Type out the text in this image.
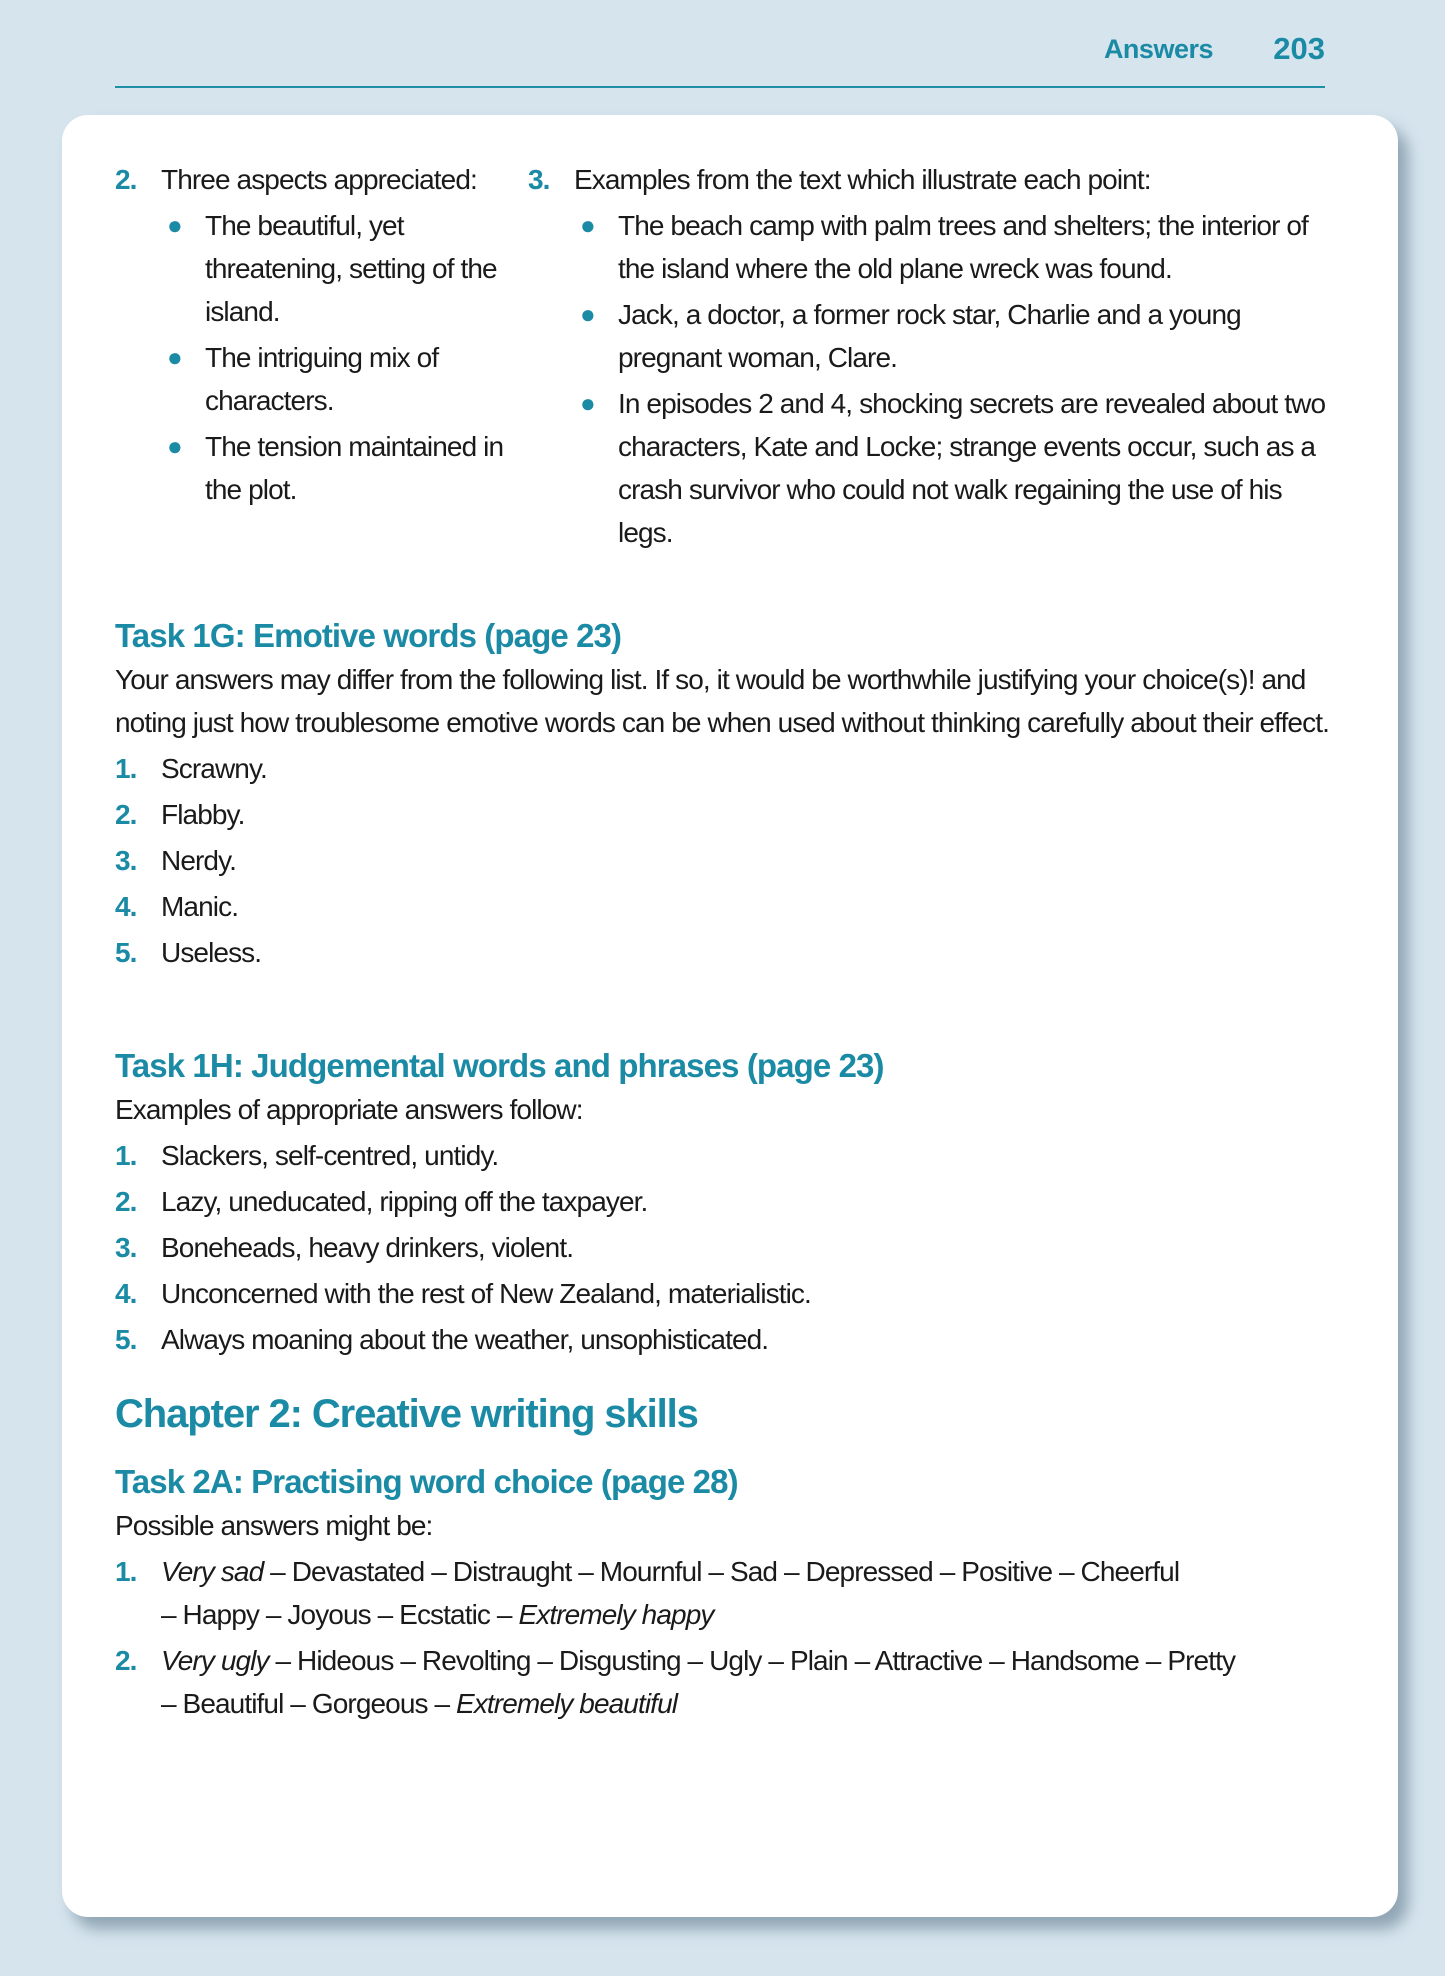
Answers 203
2. Three aspects appreciated:
● The beautiful, yet threatening, setting of the island.
● The intriguing mix of characters.
● The tension maintained in the plot.
3. Examples from the text which illustrate each point:
● The beach camp with palm trees and shelters; the interior of the island where the old plane wreck was found.
● Jack, a doctor, a former rock star, Charlie and a young pregnant woman, Clare.
● In episodes 2 and 4, shocking secrets are revealed about two characters, Kate and Locke; strange events occur, such as a crash survivor who could not walk regaining the use of his legs.
Task 1G: Emotive words (page 23)
Your answers may differ from the following list. If so, it would be worthwhile justifying your choice(s)! and noting just how troublesome emotive words can be when used without thinking carefully about their effect.
1. Scrawny.
2. Flabby.
3. Nerdy.
4. Manic.
5. Useless.
Task 1H: Judgemental words and phrases (page 23)
Examples of appropriate answers follow:
1. Slackers, self-centred, untidy.
2. Lazy, uneducated, ripping off the taxpayer.
3. Boneheads, heavy drinkers, violent.
4. Unconcerned with the rest of New Zealand, materialistic.
5. Always moaning about the weather, unsophisticated.
Chapter 2: Creative writing skills
Task 2A: Practising word choice (page 28)
Possible answers might be:
1. Very sad – Devastated – Distraught – Mournful – Sad – Depressed – Positive – Cheerful
– Happy – Joyous – Ecstatic – Extremely happy
2. Very ugly – Hideous – Revolting – Disgusting – Ugly – Plain – Attractive – Handsome – Pretty
– Beautiful – Gorgeous – Extremely beautiful
